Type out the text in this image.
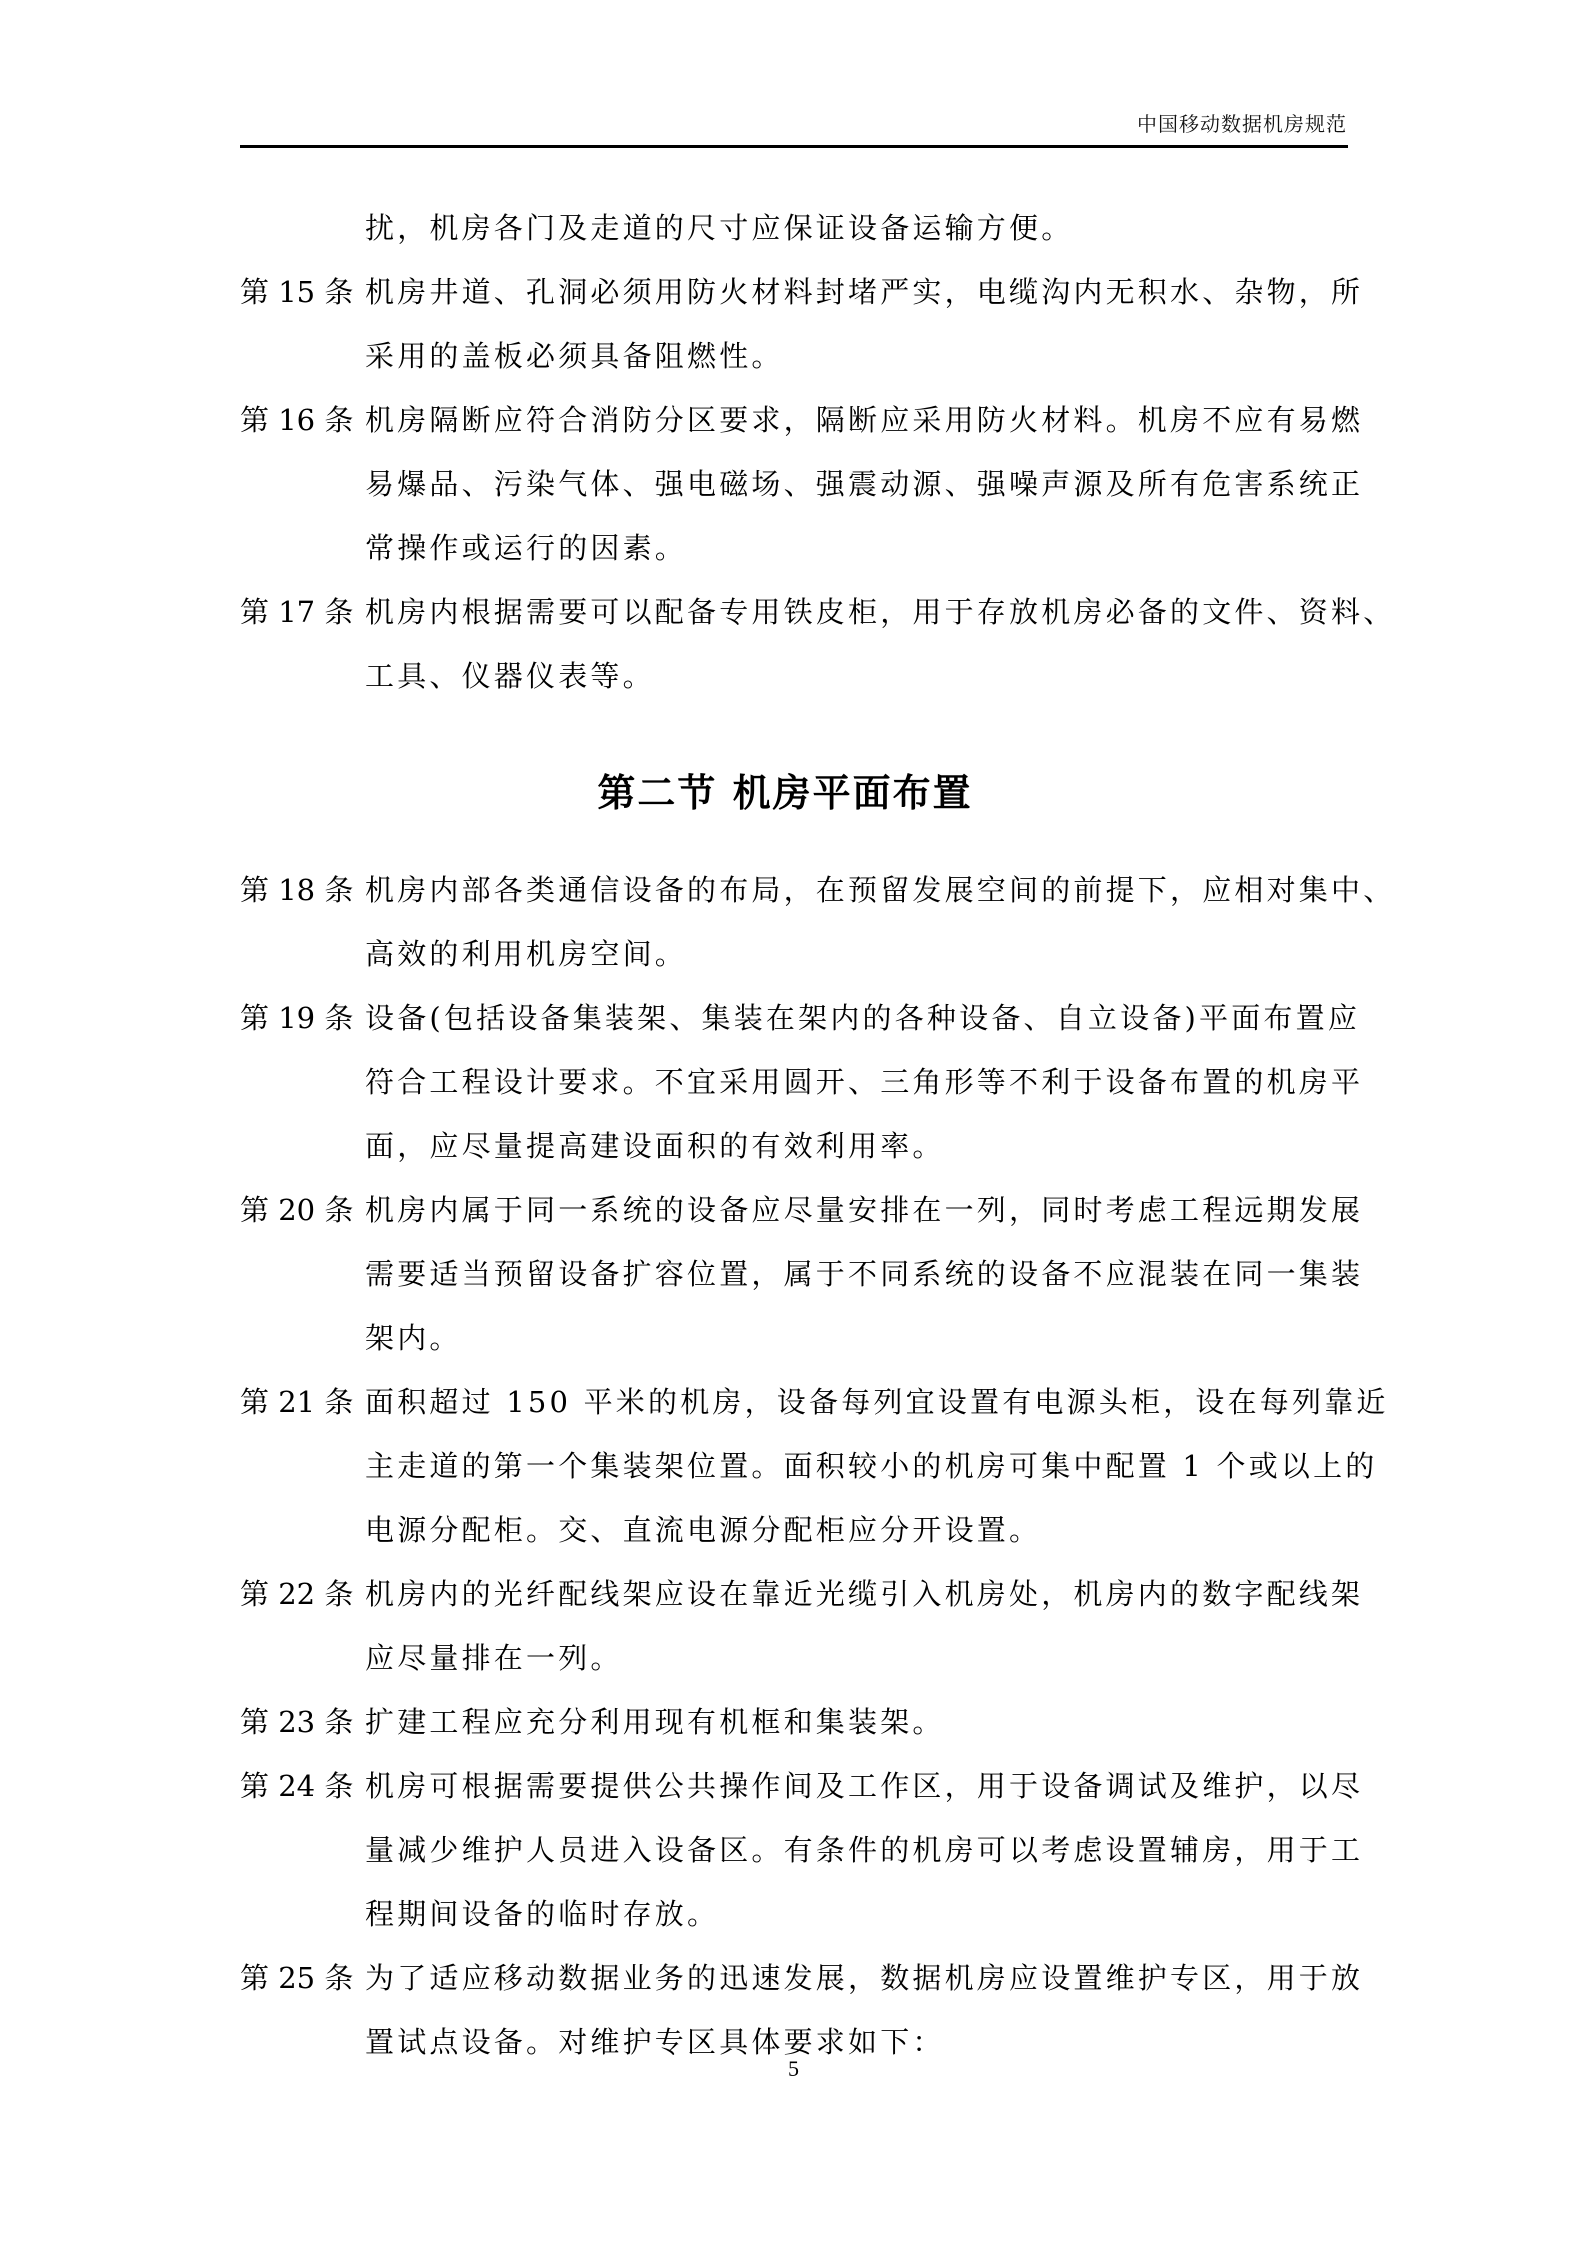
中国移动数据机房规范
扰，机房各门及走道的尺寸应保证设备运输方便。
第 15 条 机房井道、孔洞必须用防火材料封堵严实，电缆沟内无积水、杂物，所
采用的盖板必须具备阻燃性。
第 16 条 机房隔断应符合消防分区要求，隔断应采用防火材料。机房不应有易燃
易爆品、污染气体、强电磁场、强震动源、强噪声源及所有危害系统正
常操作或运行的因素。
第 17 条 机房内根据需要可以配备专用铁皮柜，用于存放机房必备的文件、资料、
工具、仪器仪表等。
第二节 机房平面布置
第 18 条 机房内部各类通信设备的布局，在预留发展空间的前提下，应相对集中、
高效的利用机房空间。
第 19 条 设备(包括设备集装架、集装在架内的各种设备、自立设备)平面布置应
符合工程设计要求。不宜采用圆开、三角形等不利于设备布置的机房平
面，应尽量提高建设面积的有效利用率。
第 20 条 机房内属于同一系统的设备应尽量安排在一列，同时考虑工程远期发展
需要适当预留设备扩容位置，属于不同系统的设备不应混装在同一集装
架内。
第 21 条 面积超过 150 平米的机房，设备每列宜设置有电源头柜，设在每列靠近
主走道的第一个集装架位置。面积较小的机房可集中配置 1 个或以上的
电源分配柜。交、直流电源分配柜应分开设置。
第 22 条 机房内的光纤配线架应设在靠近光缆引入机房处，机房内的数字配线架
应尽量排在一列。
第 23 条 扩建工程应充分利用现有机框和集装架。
第 24 条 机房可根据需要提供公共操作间及工作区，用于设备调试及维护，以尽
量减少维护人员进入设备区。有条件的机房可以考虑设置辅房，用于工
程期间设备的临时存放。
第 25 条 为了适应移动数据业务的迅速发展，数据机房应设置维护专区，用于放
置试点设备。对维护专区具体要求如下：
5
